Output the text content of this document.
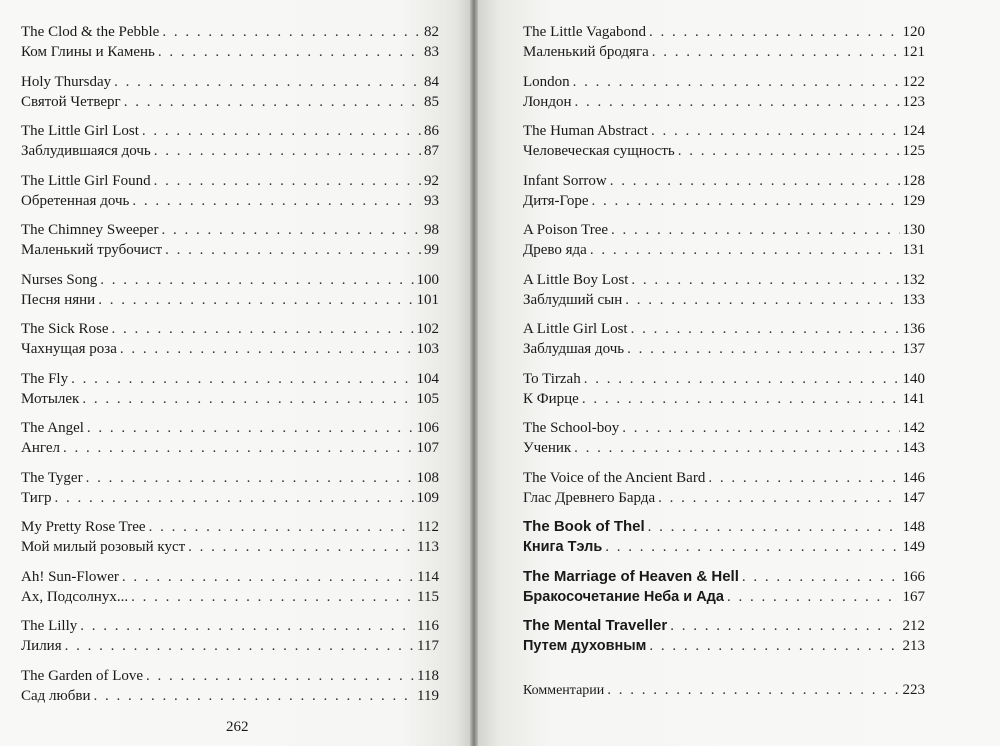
The Clod & the Pebble . . .	82
Ком Глины и Камень . . .	83
Holy Thursday . . .	84
Святой Четверг . . .	85
The Little Girl Lost . . .	86
Заблудившаяся дочь . . .	87
The Little Girl Found . . .	92
Обретенная дочь . . .	93
The Chimney Sweeper . . .	98
Маленький трубочист . . .	99
Nurses Song . . .	100
Песня няни . . .	101
The Sick Rose . . .	102
Чахнущая роза . . .	103
The Fly . . .	104
Мотылек . . .	105
The Angel . . .	106
Ангел . . .	107
The Tyger . . .	108
Тигр . . .	109
My Pretty Rose Tree . . .	112
Мой милый розовый куст . . .	113
Ah! Sun-Flower . . .	114
Ах, Подсолнух... . . .	115
The Lilly . . .	116
Лилия . . .	117
The Garden of Love . . .	118
Сад любви . . .	119
262
The Little Vagabond . . .	120
Маленький бродяга . . .	121
London . . .	122
Лондон . . .	123
The Human Abstract . . .	124
Человеческая сущность . . .	125
Infant Sorrow . . .	128
Дитя-Горе . . .	129
A Poison Tree . . .	130
Древо яда . . .	131
A Little Boy Lost . . .	132
Заблудший сын . . .	133
A Little Girl Lost . . .	136
Заблудшая дочь . . .	137
To Tirzah . . .	140
К Фирце . . .	141
The School-boy . . .	142
Ученик . . .	143
The Voice of the Ancient Bard . . .	146
Глас Древнего Барда . . .	147
The Book of Thel . . .	148
Книга Тэль . . .	149
The Marriage of Heaven & Hell . . .	166
Бракосочетание Неба и Ада . . .	167
The Mental Traveller . . .	212
Путем духовным . . .	213
Комментарии . . .	223
